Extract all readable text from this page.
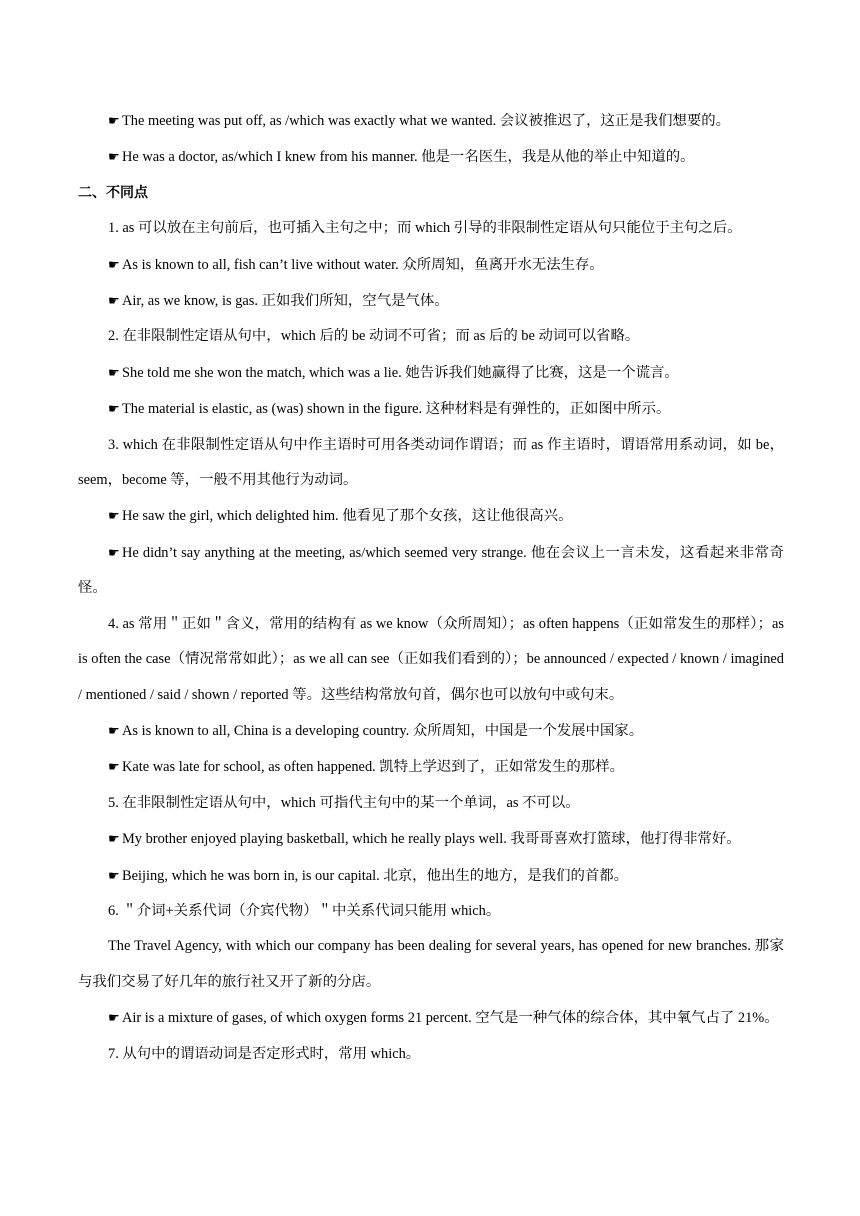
☛ The meeting was put off, as /which was exactly what we wanted. 会议被推迟了，这正是我们想要的。

☛ He was a doctor, as/which I knew from his manner. 他是一名医生，我是从他的举止中知道的。

二、不同点

1. as 可以放在主句前后，也可插入主句之中；而 which 引导的非限制性定语从句只能位于主句之后。

☛ As is known to all, fish can’t live without water. 众所周知，鱼离开水无法生存。

☛ Air, as we know, is gas. 正如我们所知，空气是气体。

2. 在非限制性定语从句中，which 后的 be 动词不可省；而 as 后的 be 动词可以省略。

☛ She told me she won the match, which was a lie. 她告诉我们她赢得了比赛，这是一个谎言。

☛ The material is elastic, as (was) shown in the figure. 这种材料是有弹性的，正如图中所示。

3. which 在非限制性定语从句中作主语时可用各类动词作谓语；而 as 作主语时，谓语常用系动词，如 be，seem，become 等，一般不用其他行为动词。

☛ He saw the girl, which delighted him. 他看见了那个女孩，这让他很高兴。

☛ He didn’t say anything at the meeting, as/which seemed very strange. 他在会议上一言未发，这看起来非常奇怪。

4. as 常用＂正如＂含义，常用的结构有 as we know（众所周知）；as often happens（正如常发生的那样）；as is often the case（情况常常如此）；as we all can see（正如我们看到的）；be announced / expected / known / imagined / mentioned / said / shown / reported 等。这些结构常放句首，偶尔也可以放句中或句末。

☛ As is known to all, China is a developing country. 众所周知，中国是一个发展中国家。

☛ Kate was late for school, as often happened. 凯特上学迟到了，正如常发生的那样。

5. 在非限制性定语从句中，which 可指代主句中的某一个单词，as 不可以。

☛ My brother enjoyed playing basketball, which he really plays well. 我哥哥喜欢打篮球，他打得非常好。

☛ Beijing, which he was born in, is our capital. 北京，他出生的地方，是我们的首都。

6. ＂介词+关系代词（介宾代物）＂中关系代词只能用 which。

The Travel Agency, with which our company has been dealing for several years, has opened for new branches. 那家与我们交易了好几年的旅行社又开了新的分店。

☛ Air is a mixture of gases, of which oxygen forms 21 percent. 空气是一种气体的综合体，其中氧气占了 21%。

7. 从句中的谓语动词是否定形式时，常用 which。
